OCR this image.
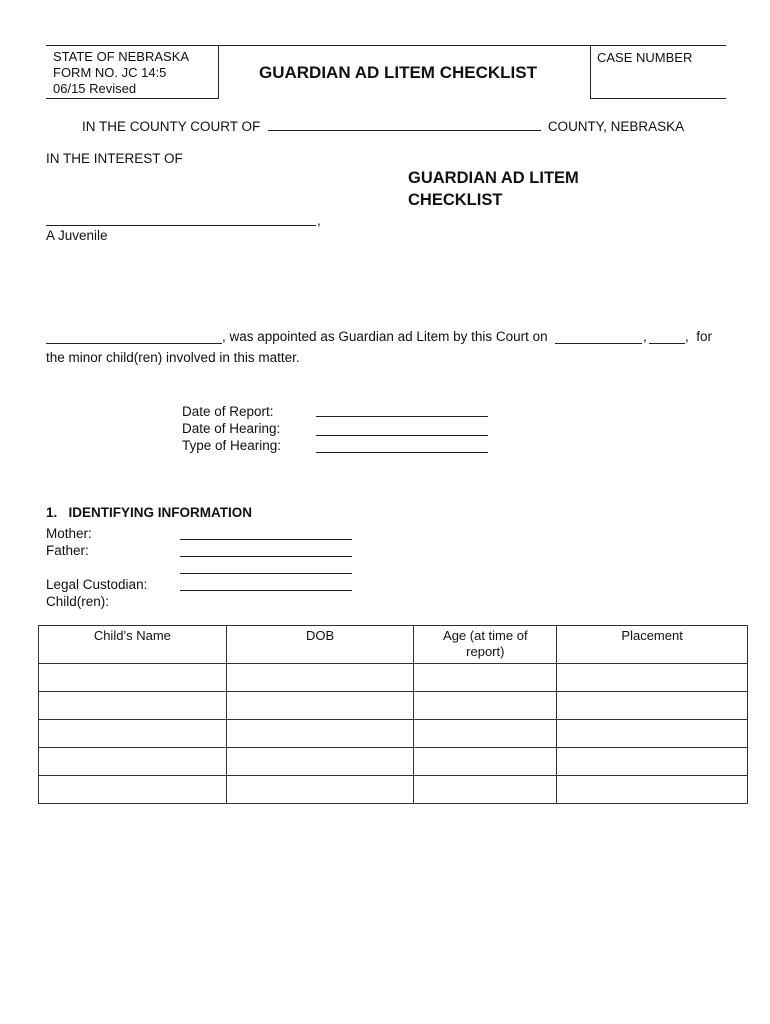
STATE OF NEBRASKA
FORM NO. JC 14:5
06/15 Revised
GUARDIAN AD LITEM CHECKLIST
CASE NUMBER
IN THE COUNTY COURT OF	COUNTY, NEBRASKA
IN THE INTEREST OF
GUARDIAN AD LITEM
CHECKLIST
,
A Juvenile
, was appointed as Guardian ad Litem by this Court on	,	,  for
the minor child(ren) involved in this matter.
Date of Report:
Date of Hearing:
Type of Hearing:
1.   IDENTIFYING INFORMATION
Mother:
Father:
Legal Custodian:
Child(ren):
Child’s Name	DOB	Age (at time of report)	Placement
